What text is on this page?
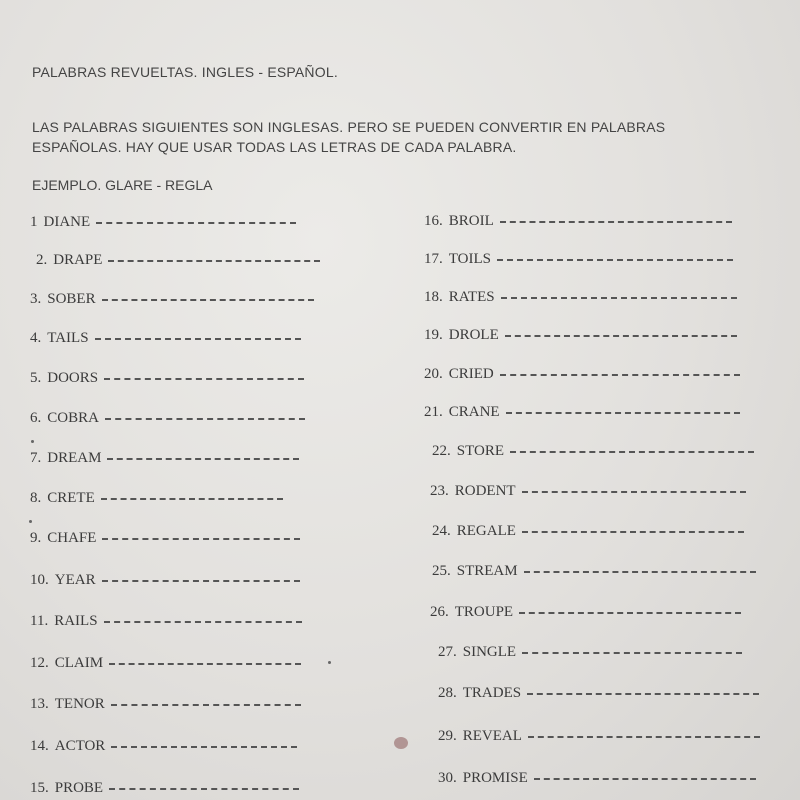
PALABRAS REVUELTAS. INGLES - ESPAÑOL.
LAS PALABRAS SIGUIENTES SON INGLESAS. PERO SE PUEDEN CONVERTIR EN PALABRAS ESPAÑOLAS. HAY QUE USAR TODAS LAS LETRAS DE CADA PALABRA.
EJEMPLO. GLARE - REGLA
1 DIANE
2. DRAPE
3. SOBER
4. TAILS
5. DOORS
6. COBRA
7. DREAM
8. CRETE
9. CHAFE
10. YEAR
11. RAILS
12. CLAIM
13. TENOR
14. ACTOR
15. PROBE
16. BROIL
17. TOILS
18. RATES
19. DROLE
20. CRIED
21. CRANE
22. STORE
23. RODENT
24. REGALE
25. STREAM
26. TROUPE
27. SINGLE
28. TRADES
29. REVEAL
30. PROMISE
